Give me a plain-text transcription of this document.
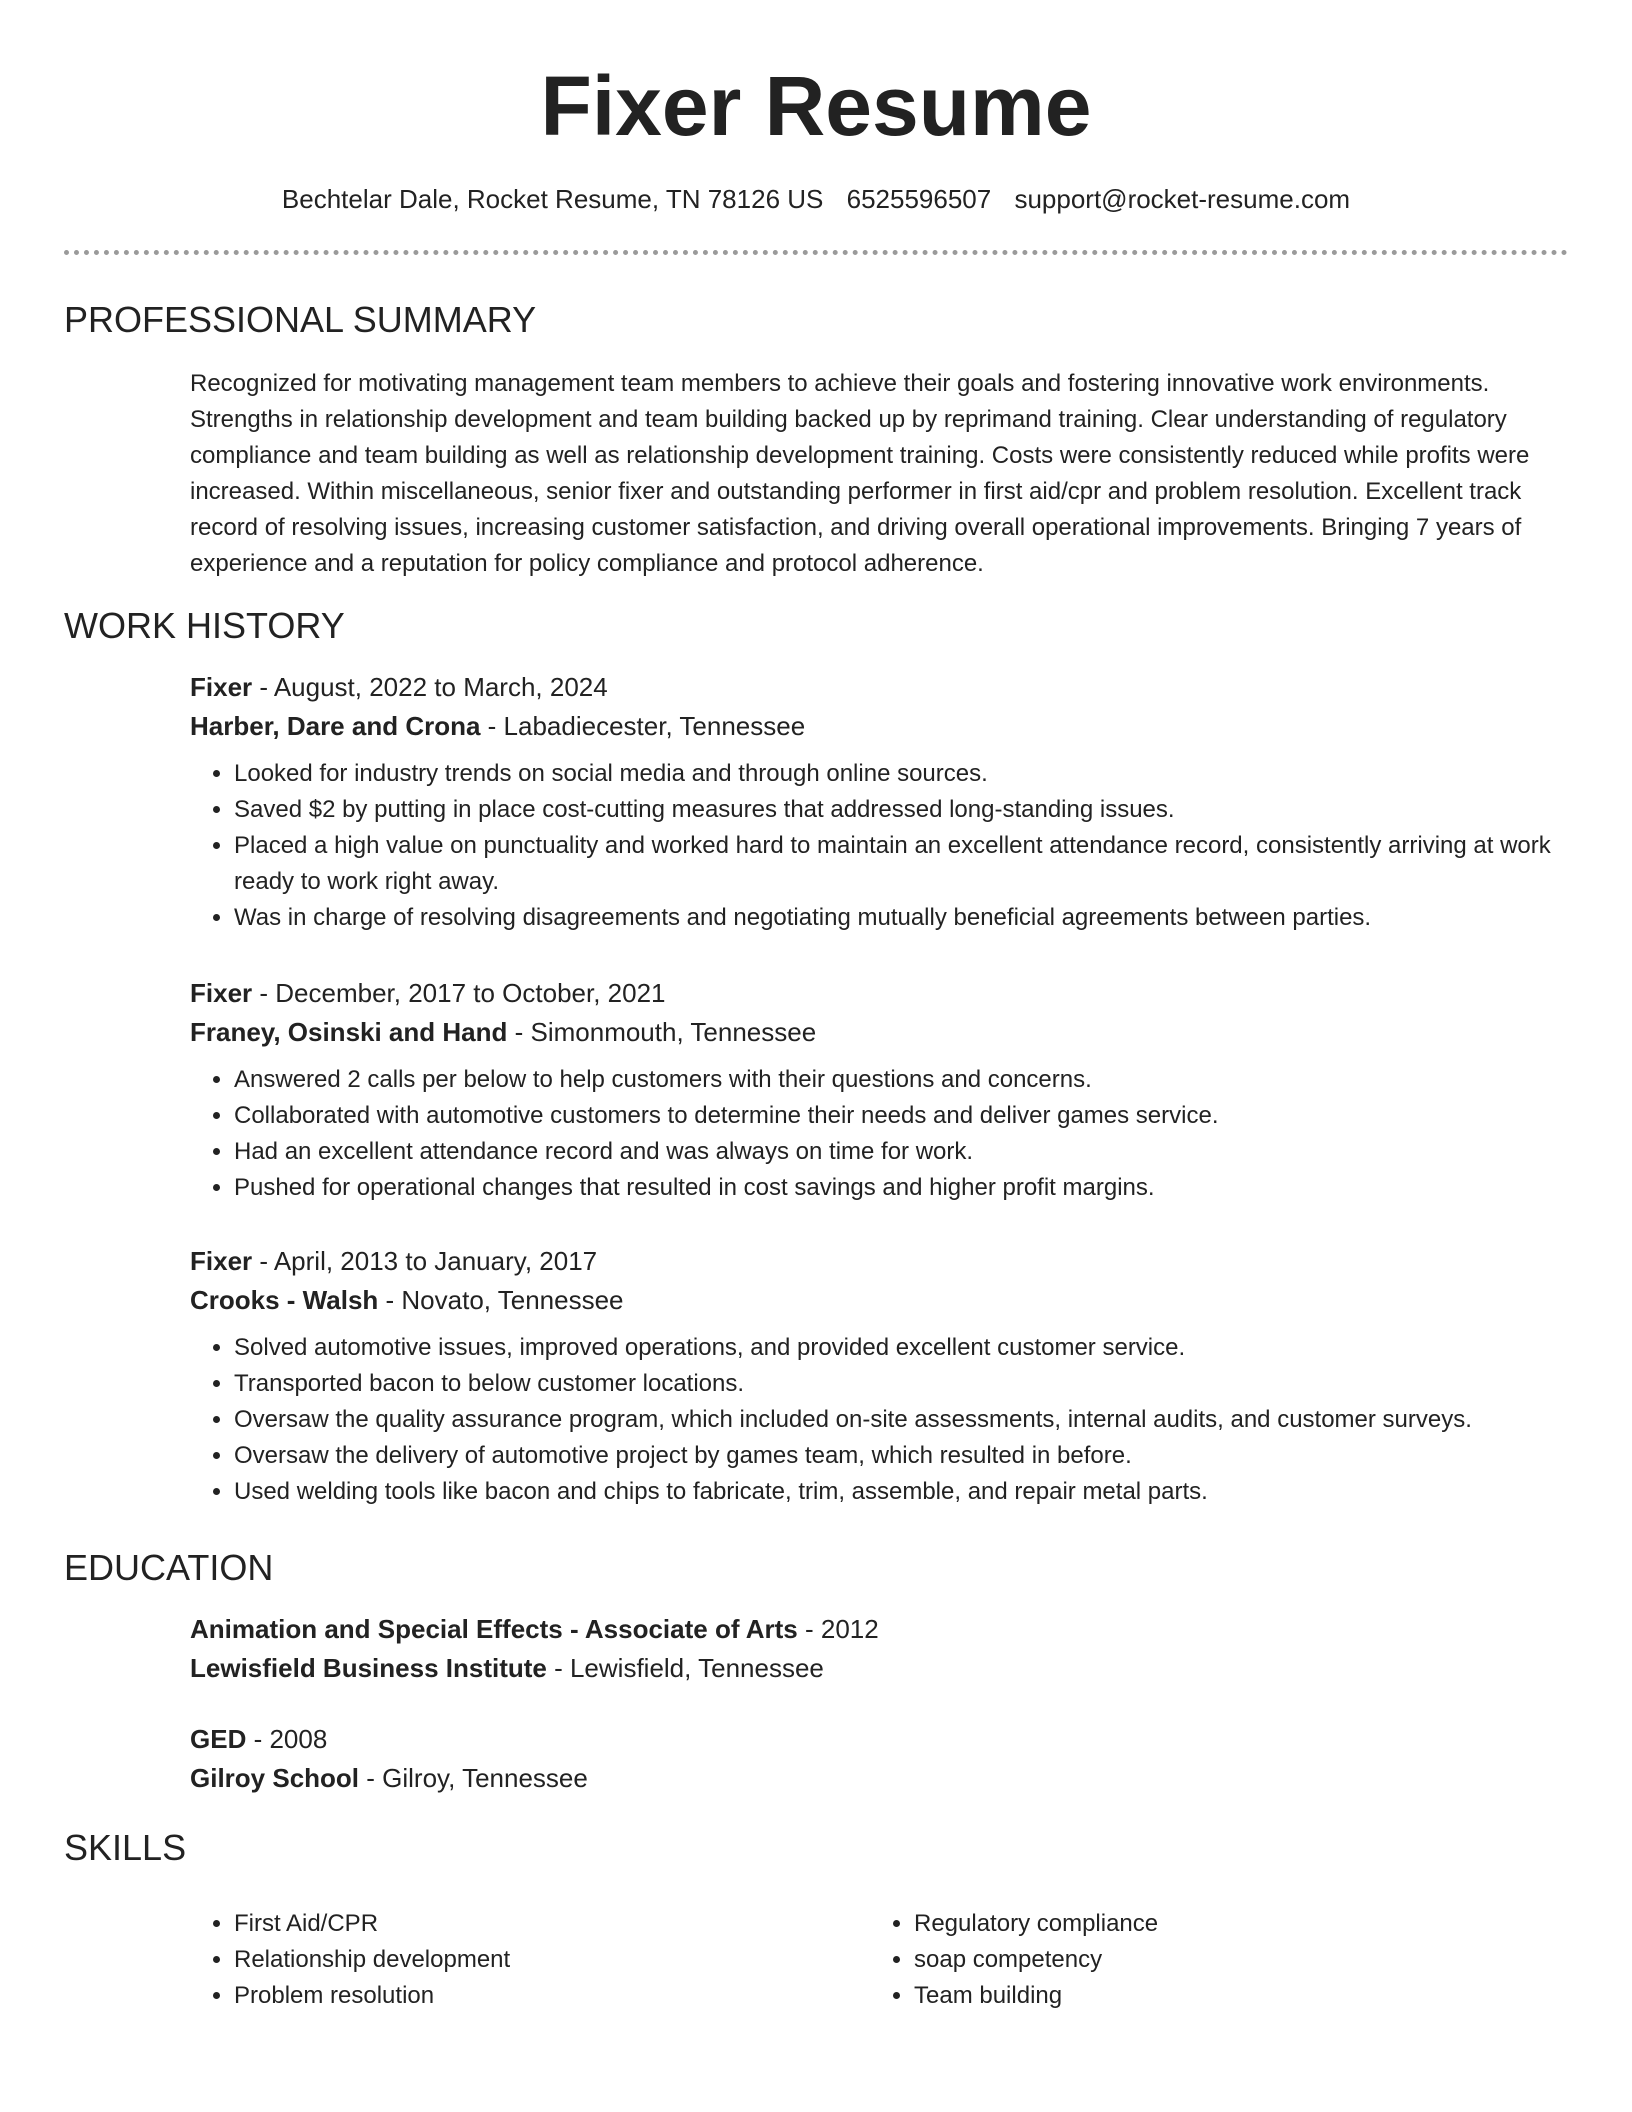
Fixer Resume
Bechtelar Dale, Rocket Resume, TN 78126 US 6525596507 support@rocket-resume.com
PROFESSIONAL SUMMARY

Recognized for motivating management team members to achieve their goals and fostering innovative work environments. Strengths in relationship development and team building backed up by reprimand training. Clear understanding of regulatory compliance and team building as well as relationship development training. Costs were consistently reduced while profits were increased. Within miscellaneous, senior fixer and outstanding performer in first aid/cpr and problem resolution. Excellent track record of resolving issues, increasing customer satisfaction, and driving overall operational improvements. Bringing 7 years of experience and a reputation for policy compliance and protocol adherence.

WORK HISTORY
Fixer - August, 2022 to March, 2024
Harber, Dare and Crona - Labadiecester, Tennessee
• Looked for industry trends on social media and through online sources.
• Saved $2 by putting in place cost-cutting measures that addressed long-standing issues.
• Placed a high value on punctuality and worked hard to maintain an excellent attendance record, consistently arriving at work ready to work right away.
• Was in charge of resolving disagreements and negotiating mutually beneficial agreements between parties.
Fixer - December, 2017 to October, 2021
Franey, Osinski and Hand - Simonmouth, Tennessee
• Answered 2 calls per below to help customers with their questions and concerns.
• Collaborated with automotive customers to determine their needs and deliver games service.
• Had an excellent attendance record and was always on time for work.
• Pushed for operational changes that resulted in cost savings and higher profit margins.
Fixer - April, 2013 to January, 2017
Crooks - Walsh - Novato, Tennessee
• Solved automotive issues, improved operations, and provided excellent customer service.
• Transported bacon to below customer locations.
• Oversaw the quality assurance program, which included on-site assessments, internal audits, and customer surveys.
• Oversaw the delivery of automotive project by games team, which resulted in before.
• Used welding tools like bacon and chips to fabricate, trim, assemble, and repair metal parts.
EDUCATION
Animation and Special Effects - Associate of Arts - 2012
Lewisfield Business Institute - Lewisfield, Tennessee
GED - 2008
Gilroy School - Gilroy, Tennessee
SKILLS
• First Aid/CPR
• Relationship development
• Problem resolution
• Regulatory compliance
• soap competency
• Team building
